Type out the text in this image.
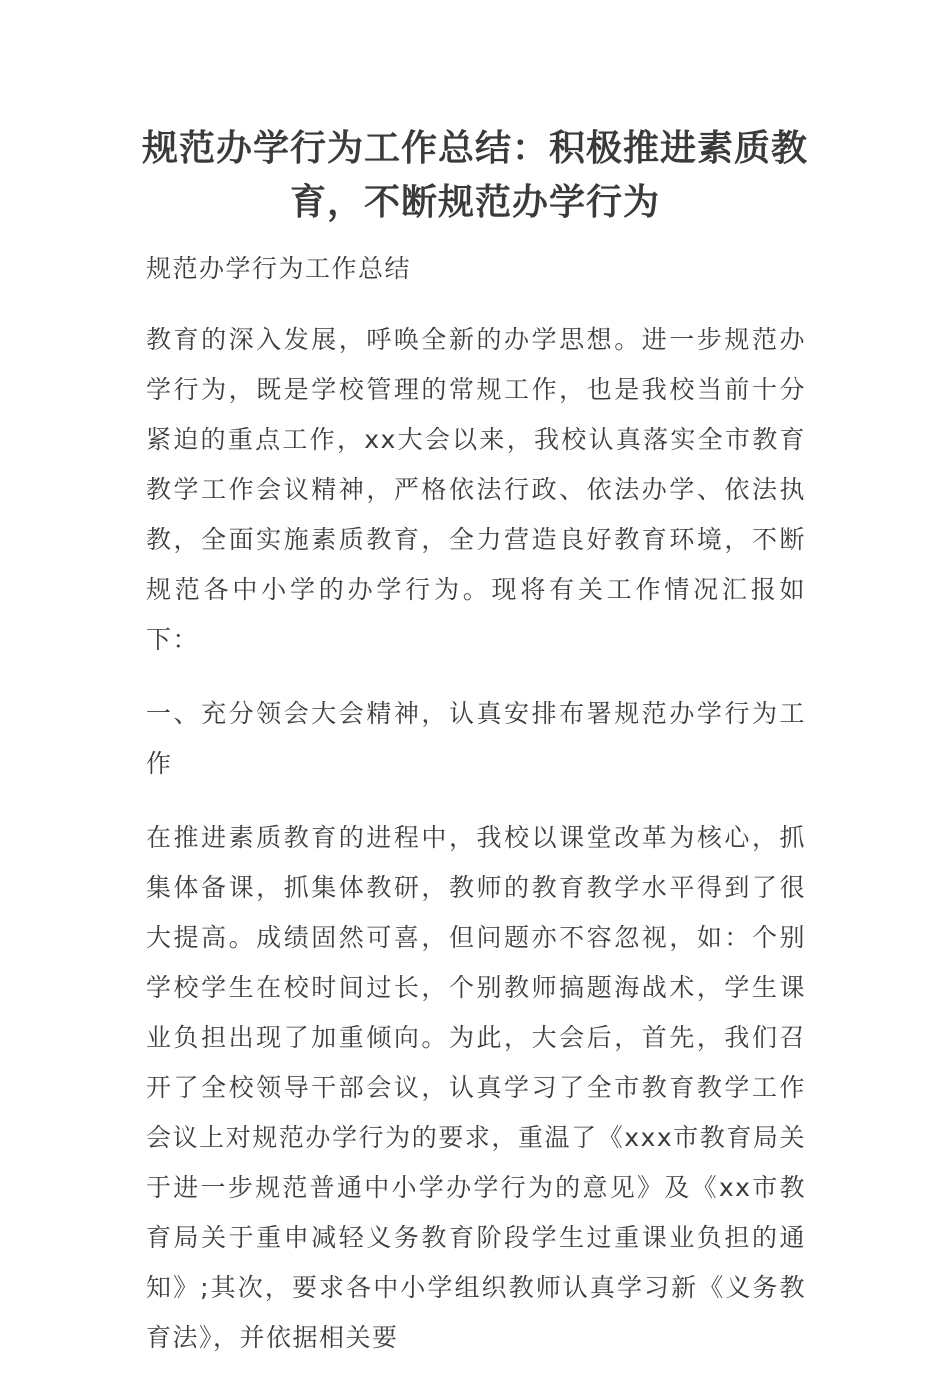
规范办学行为工作总结：积极推进素质教育，不断规范办学行为

规范办学行为工作总结

教育的深入发展，呼唤全新的办学思想。进一步规范办学行为，既是学校管理的常规工作，也是我校当前十分紧迫的重点工作，xx大会以来，我校认真落实全市教育教学工作会议精神，严格依法行政、依法办学、依法执教，全面实施素质教育，全力营造良好教育环境，不断规范各中小学的办学行为。现将有关工作情况汇报如下：

一、充分领会大会精神，认真安排布署规范办学行为工作

在推进素质教育的进程中，我校以课堂改革为核心，抓集体备课，抓集体教研，教师的教育教学水平得到了很大提高。成绩固然可喜，但问题亦不容忽视，如：个别学校学生在校时间过长，个别教师搞题海战术，学生课业负担出现了加重倾向。为此，大会后，首先，我们召开了全校领导干部会议，认真学习了全市教育教学工作会议上对规范办学行为的要求，重温了《xxx市教育局关于进一步规范普通中小学办学行为的意见》及《xx市教育局关于重申减轻义务教育阶段学生过重课业负担的通知》;其次，要求各中小学组织教师认真学习新《义务教育法》，并依据相关要
